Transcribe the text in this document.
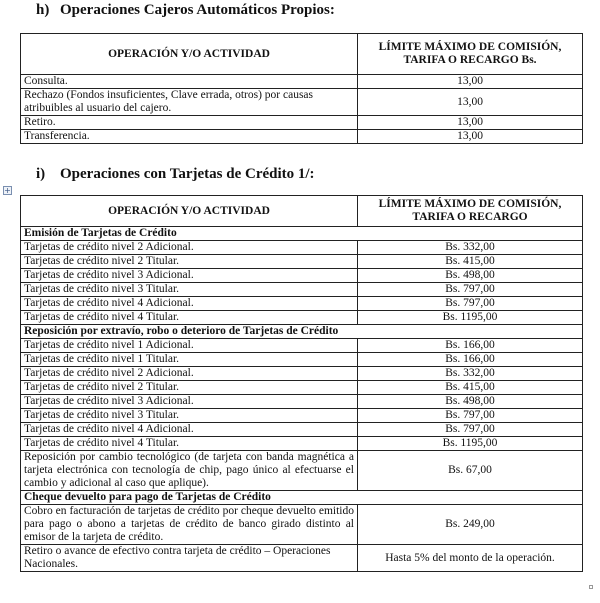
h) Operaciones Cajeros Automáticos Propios:
OPERACIÓN Y/O ACTIVIDAD	LÍMITE MÁXIMO DE COMISIÓN, TARIFA O RECARGO Bs.
Consulta.	13,00
Rechazo (Fondos insuficientes, Clave errada, otros) por causas atribuibles al usuario del cajero.	13,00
Retiro.	13,00
Transferencia.	13,00
i) Operaciones con Tarjetas de Crédito 1/:
+
OPERACIÓN Y/O ACTIVIDAD	LÍMITE MÁXIMO DE COMISIÓN, TARIFA O RECARGO
Emisión de Tarjetas de Crédito	
Tarjetas de crédito nivel 2 Adicional.	Bs. 332,00
Tarjetas de crédito nivel 2 Titular.	Bs. 415,00
Tarjetas de crédito nivel 3 Adicional.	Bs. 498,00
Tarjetas de crédito nivel 3 Titular.	Bs. 797,00
Tarjetas de crédito nivel 4 Adicional.	Bs. 797,00
Tarjetas de crédito nivel 4 Titular.	Bs. 1195,00
Reposición por extravío, robo o deterioro de Tarjetas de Crédito	
Tarjetas de crédito nivel 1 Adicional.	Bs. 166,00
Tarjetas de crédito nivel 1 Titular.	Bs. 166,00
Tarjetas de crédito nivel 2 Adicional.	Bs. 332,00
Tarjetas de crédito nivel 2 Titular.	Bs. 415,00
Tarjetas de crédito nivel 3 Adicional.	Bs. 498,00
Tarjetas de crédito nivel 3 Titular.	Bs. 797,00
Tarjetas de crédito nivel 4 Adicional.	Bs. 797,00
Tarjetas de crédito nivel 4 Titular.	Bs. 1195,00
Reposición por cambio tecnológico (de tarjeta con banda magnética a tarjeta electrónica con tecnología de chip, pago único al efectuarse el cambio y adicional al caso que aplique).	Bs. 67,00
Cheque devuelto para pago de Tarjetas de Crédito	
Cobro en facturación de tarjetas de crédito por cheque devuelto emitido para pago o abono a tarjetas de crédito de banco girado distinto al emisor de la tarjeta de crédito.	Bs. 249,00
Retiro o avance de efectivo contra tarjeta de crédito – Operaciones Nacionales.	Hasta 5% del monto de la operación.
